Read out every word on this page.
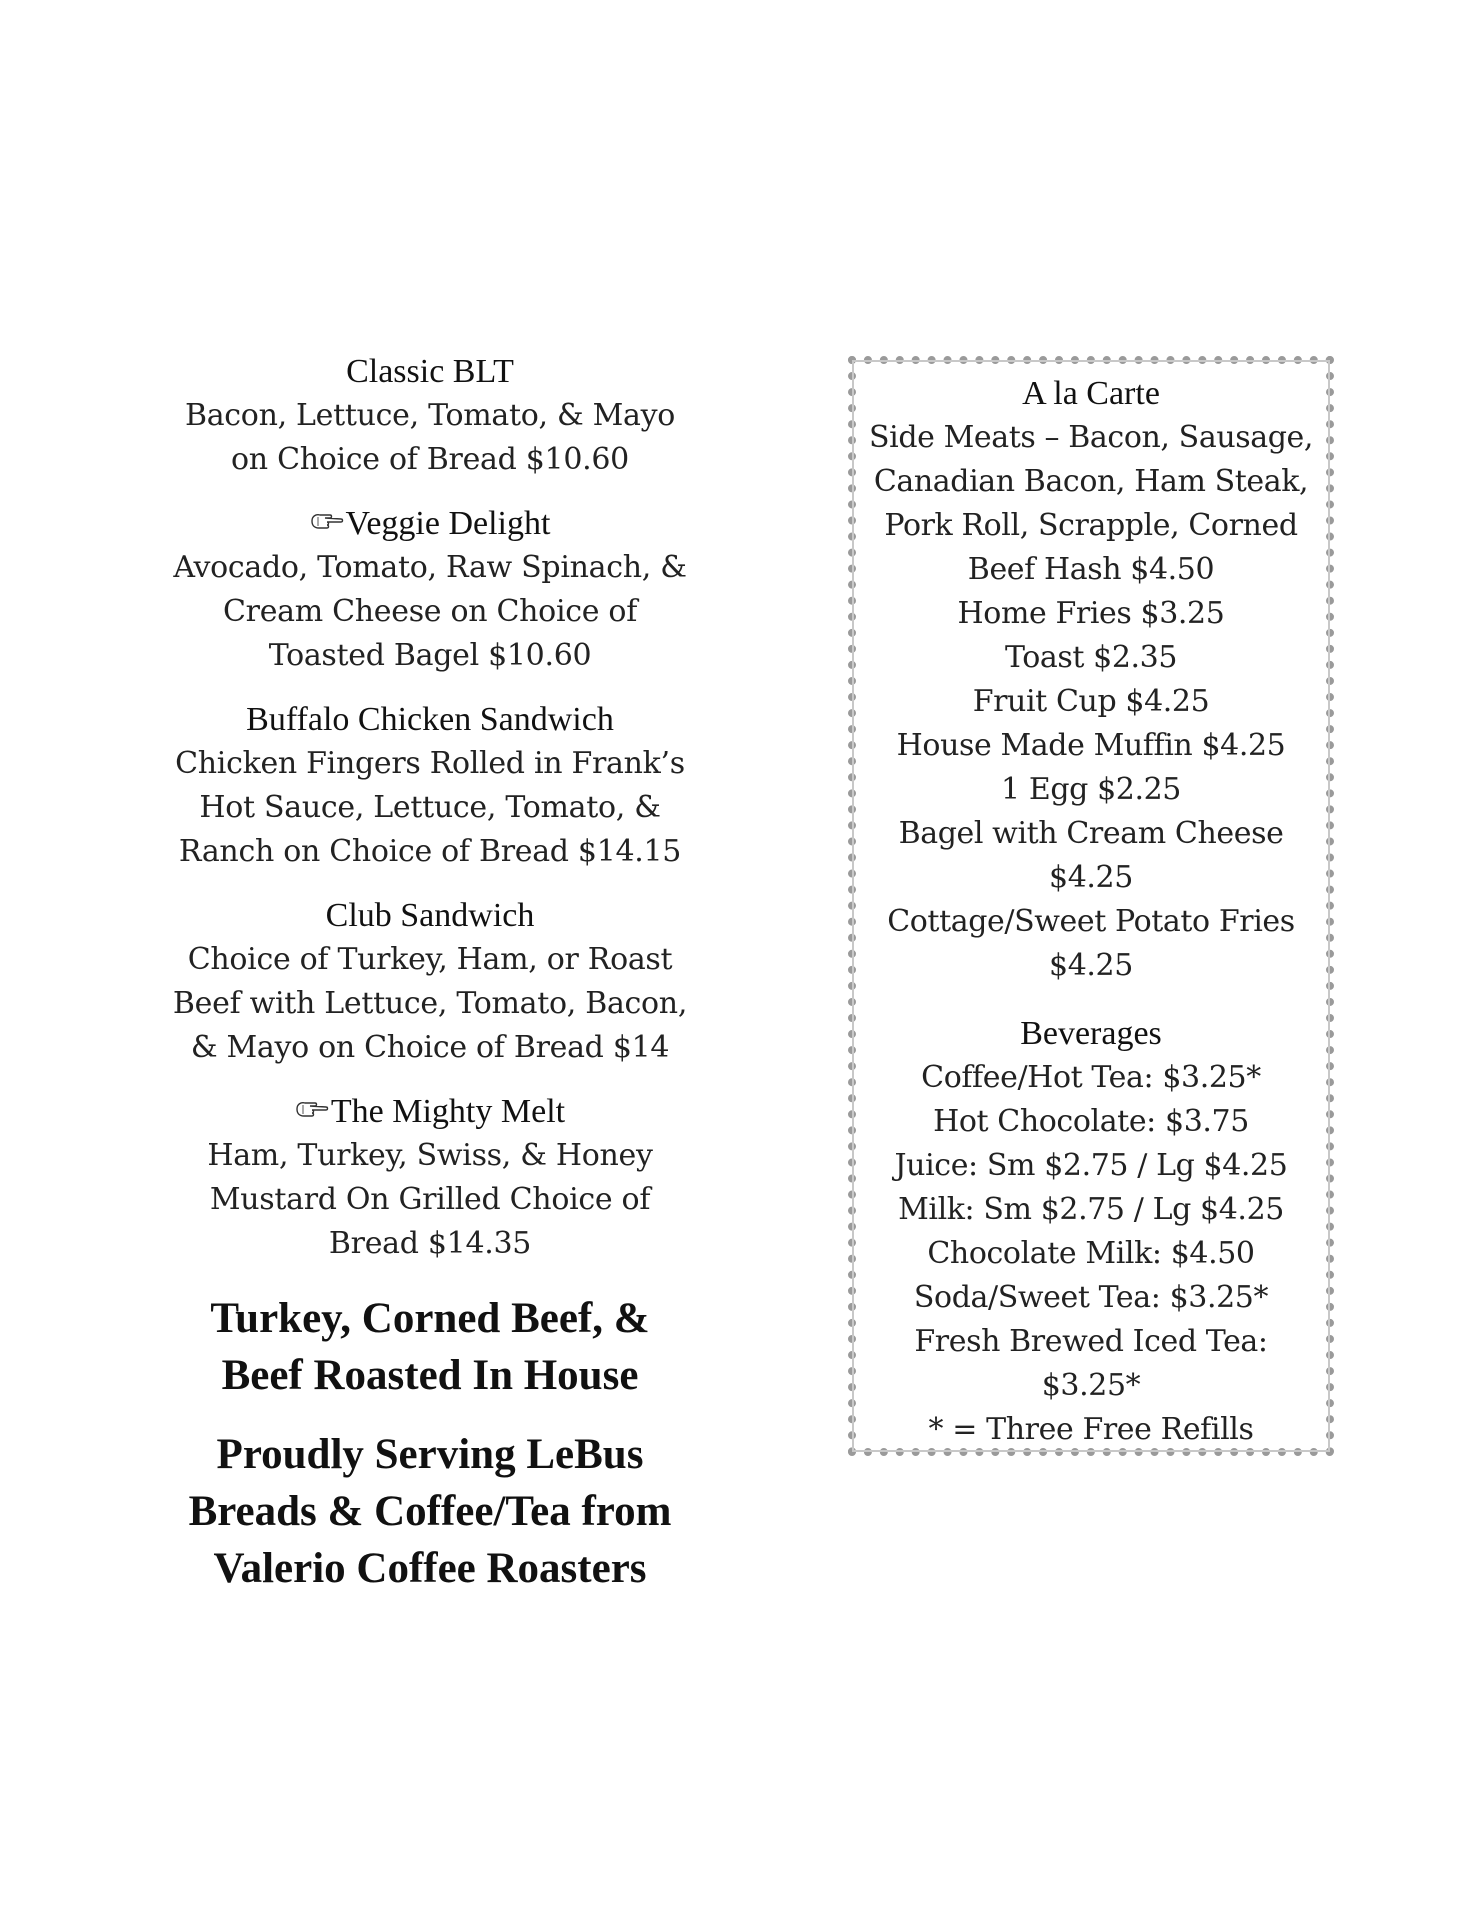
Classic BLT
Bacon, Lettuce, Tomato, & Mayo
on Choice of Bread $10.60
Veggie Delight
Avocado, Tomato, Raw Spinach, &
Cream Cheese on Choice of
Toasted Bagel $10.60
Buffalo Chicken Sandwich
Chicken Fingers Rolled in Frank’s
Hot Sauce, Lettuce, Tomato, &
Ranch on Choice of Bread $14.15
Club Sandwich
Choice of Turkey, Ham, or Roast
Beef with Lettuce, Tomato, Bacon,
& Mayo on Choice of Bread $14
The Mighty Melt
Ham, Turkey, Swiss, & Honey
Mustard On Grilled Choice of
Bread $14.35
Turkey, Corned Beef, &
Beef Roasted In House
Proudly Serving LeBus
Breads & Coffee/Tea from
Valerio Coffee Roasters
A la Carte
Side Meats – Bacon, Sausage,
Canadian Bacon, Ham Steak,
Pork Roll, Scrapple, Corned
Beef Hash $4.50
Home Fries $3.25
Toast $2.35
Fruit Cup $4.25
House Made Muffin $4.25
1 Egg $2.25
Bagel with Cream Cheese
$4.25
Cottage/Sweet Potato Fries
$4.25
Beverages
Coffee/Hot Tea: $3.25*
Hot Chocolate: $3.75
Juice: Sm $2.75 / Lg $4.25
Milk: Sm $2.75 / Lg $4.25
Chocolate Milk: $4.50
Soda/Sweet Tea: $3.25*
Fresh Brewed Iced Tea:
$3.25*
* = Three Free Refills
